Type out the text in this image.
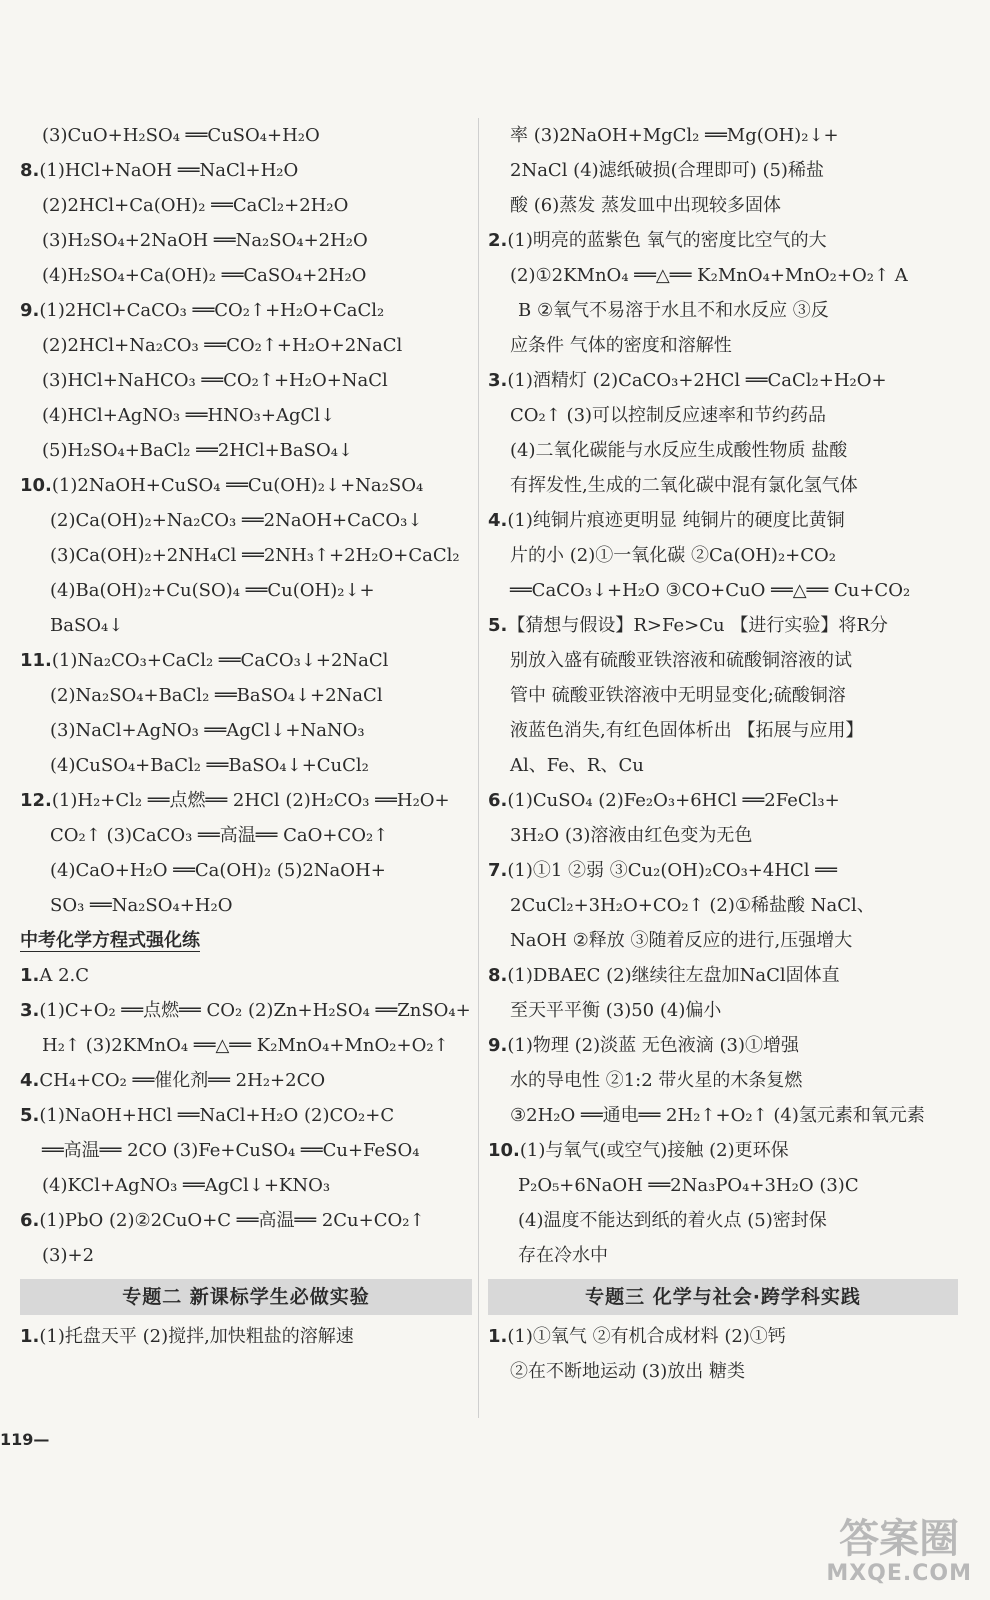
(3)CuO+H₂SO₄ ══CuSO₄+H₂O
8.(1)HCl+NaOH ══NaCl+H₂O
(2)2HCl+Ca(OH)₂ ══CaCl₂+2H₂O
(3)H₂SO₄+2NaOH ══Na₂SO₄+2H₂O
(4)H₂SO₄+Ca(OH)₂ ══CaSO₄+2H₂O
9.(1)2HCl+CaCO₃ ══CO₂↑+H₂O+CaCl₂
(2)2HCl+Na₂CO₃ ══CO₂↑+H₂O+2NaCl
(3)HCl+NaHCO₃ ══CO₂↑+H₂O+NaCl
(4)HCl+AgNO₃ ══HNO₃+AgCl↓
(5)H₂SO₄+BaCl₂ ══2HCl+BaSO₄↓
10.(1)2NaOH+CuSO₄ ══Cu(OH)₂↓+Na₂SO₄
(2)Ca(OH)₂+Na₂CO₃ ══2NaOH+CaCO₃↓
(3)Ca(OH)₂+2NH₄Cl ══2NH₃↑+2H₂O+CaCl₂
(4)Ba(OH)₂+Cu(SO)₄ ══Cu(OH)₂↓+
BaSO₄↓
11.(1)Na₂CO₃+CaCl₂ ══CaCO₃↓+2NaCl
(2)Na₂SO₄+BaCl₂ ══BaSO₄↓+2NaCl
(3)NaCl+AgNO₃ ══AgCl↓+NaNO₃
(4)CuSO₄+BaCl₂ ══BaSO₄↓+CuCl₂
12.(1)H₂+Cl₂ ══点燃══ 2HCl (2)H₂CO₃ ══H₂O+
CO₂↑ (3)CaCO₃ ══高温══ CaO+CO₂↑
(4)CaO+H₂O ══Ca(OH)₂ (5)2NaOH+
SO₃ ══Na₂SO₄+H₂O
中考化学方程式强化练
1.A 2.C
3.(1)C+O₂ ══点燃══ CO₂ (2)Zn+H₂SO₄ ══ZnSO₄+
H₂↑ (3)2KMnO₄ ══△══ K₂MnO₄+MnO₂+O₂↑
4.CH₄+CO₂ ══催化剂══ 2H₂+2CO
5.(1)NaOH+HCl ══NaCl+H₂O (2)CO₂+C
══高温══ 2CO (3)Fe+CuSO₄ ══Cu+FeSO₄
(4)KCl+AgNO₃ ══AgCl↓+KNO₃
6.(1)PbO (2)②2CuO+C ══高温══ 2Cu+CO₂↑
(3)+2
专题二 新课标学生必做实验
1.(1)托盘天平 (2)搅拌,加快粗盐的溶解速
率 (3)2NaOH+MgCl₂ ══Mg(OH)₂↓+
2NaCl (4)滤纸破损(合理即可) (5)稀盐
酸 (6)蒸发 蒸发皿中出现较多固体
2.(1)明亮的蓝紫色 氧气的密度比空气的大
(2)①2KMnO₄ ══△══ K₂MnO₄+MnO₂+O₂↑ A
B ②氧气不易溶于水且不和水反应 ③反
应条件 气体的密度和溶解性
3.(1)酒精灯 (2)CaCO₃+2HCl ══CaCl₂+H₂O+
CO₂↑ (3)可以控制反应速率和节约药品
(4)二氧化碳能与水反应生成酸性物质 盐酸
有挥发性,生成的二氧化碳中混有氯化氢气体
4.(1)纯铜片痕迹更明显 纯铜片的硬度比黄铜
片的小 (2)①一氧化碳 ②Ca(OH)₂+CO₂
══CaCO₃↓+H₂O ③CO+CuO ══△══ Cu+CO₂
5.【猜想与假设】R>Fe>Cu 【进行实验】将R分
别放入盛有硫酸亚铁溶液和硫酸铜溶液的试
管中 硫酸亚铁溶液中无明显变化;硫酸铜溶
液蓝色消失,有红色固体析出 【拓展与应用】
Al、Fe、R、Cu
6.(1)CuSO₄ (2)Fe₂O₃+6HCl ══2FeCl₃+
3H₂O (3)溶液由红色变为无色
7.(1)①1 ②弱 ③Cu₂(OH)₂CO₃+4HCl ══
2CuCl₂+3H₂O+CO₂↑ (2)①稀盐酸 NaCl、
NaOH ②释放 ③随着反应的进行,压强增大
8.(1)DBAEC (2)继续往左盘加NaCl固体直
至天平平衡 (3)50 (4)偏小
9.(1)物理 (2)淡蓝 无色液滴 (3)①增强
水的导电性 ②1:2 带火星的木条复燃
③2H₂O ══通电══ 2H₂↑+O₂↑ (4)氢元素和氧元素
10.(1)与氧气(或空气)接触 (2)更环保
P₂O₅+6NaOH ══2Na₃PO₄+3H₂O (3)C
(4)温度不能达到纸的着火点 (5)密封保
存在冷水中
专题三 化学与社会·跨学科实践
1.(1)①氧气 ②有机合成材料 (2)①钙
②在不断地运动 (3)放出 糖类
119—
答案圈
MXQE.COM
